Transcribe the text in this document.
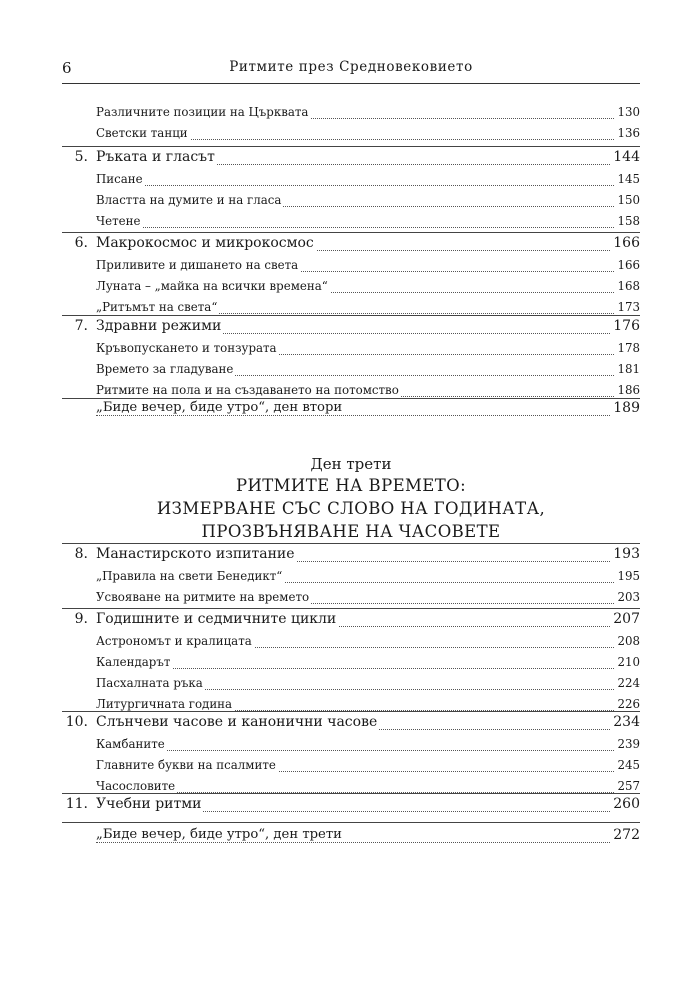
6	Ритмите през Средновековието
Различните позиции на Църквата	130
Светски танци	136
5. Ръката и гласът	144
Писане	145
Властта на думите и на гласа	150
Четене	158
6. Макрокосмос и микрокосмос	166
Приливите и дишането на света	166
Луната – „майка на всички времена“	168
„Ритъмът на света“	173
7. Здравни режими	176
Кръвопускането и тонзурата	178
Времето за гладуване	181
Ритмите на пола и на създаването на потомство	186
„Биде вечер, биде утро“, ден втори	189
Ден трети
РИТМИТЕ НА ВРЕМЕТО:
ИЗМЕРВАНЕ СЪС СЛОВО НА ГОДИНАТА,
ПРОЗВЪНЯВАНЕ НА ЧАСОВЕТЕ
8. Манастирското изпитание	193
„Правила на свети Бенедикт“	195
Усвояване на ритмите на времето	203
9. Годишните и седмичните цикли	207
Астрономът и кралицата	208
Календарът	210
Пасхалната ръка	224
Литургичната година	226
10. Слънчеви часове и канонични часове	234
Камбаните	239
Главните букви на псалмите	245
Часословите	257
11. Учебни ритми	260
„Биде вечер, биде утро“, ден трети	272
